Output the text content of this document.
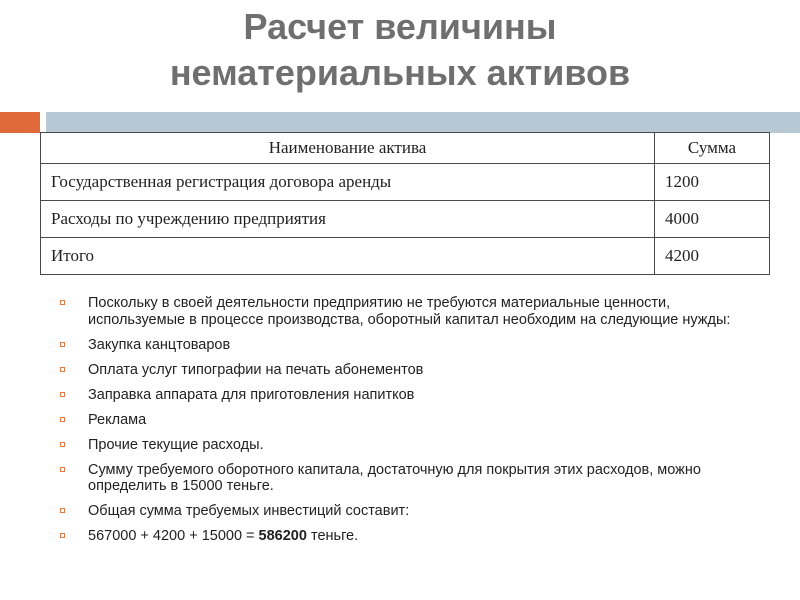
Расчет величины
нематериальных активов
Наименование актива	Сумма
Государственная регистрация договора аренды	1200
Расходы по учреждению предприятия	4000
Итого	4200
Поскольку в своей деятельности предприятию не требуются материальные ценности, используемые в процессе производства, оборотный капитал необходим на следующие нужды:
Закупка канцтоваров
Оплата услуг типографии на печать абонементов
Заправка аппарата для приготовления напитков
Реклама
Прочие текущие расходы.
Сумму требуемого оборотного капитала, достаточную для покрытия этих расходов, можно определить в 15000 теньге.
Общая сумма требуемых инвестиций составит:
567000 + 4200 + 15000 = 586200 теньге.
